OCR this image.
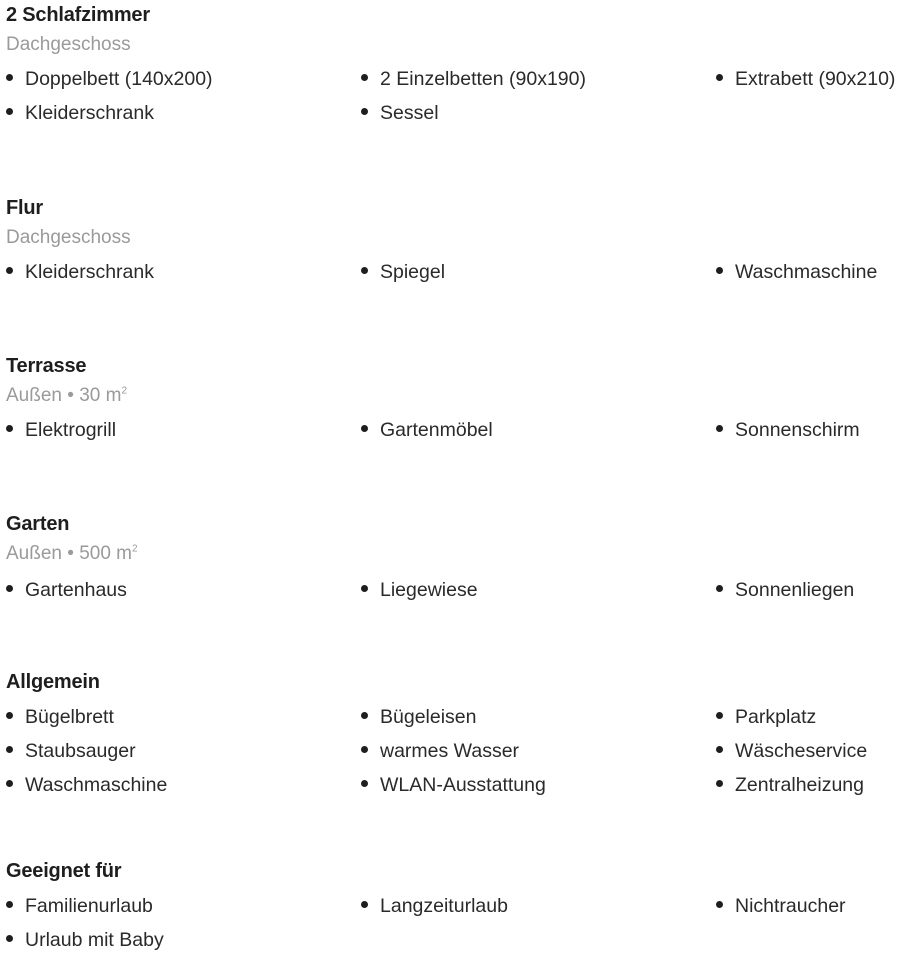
2 Schlafzimmer
Dachgeschoss
Doppelbett (140x200)	2 Einzelbetten (90x190)	Extrabett (90x210)
Kleiderschrank	Sessel
Flur
Dachgeschoss
Kleiderschrank	Spiegel	Waschmaschine
Terrasse
Außen • 30 $m^2$
Elektrogrill	Gartenmöbel	Sonnenschirm
Garten
Außen • 500 $m^2$
Gartenhaus	Liegewiese	Sonnenliegen
Allgemein
Bügelbrett	Bügeleisen	Parkplatz
Staubsauger	warmes Wasser	Wäscheservice
Waschmaschine	WLAN-Ausstattung	Zentralheizung
Geeignet für
Familienurlaub	Langzeiturlaub	Nichtraucher
Urlaub mit Baby
